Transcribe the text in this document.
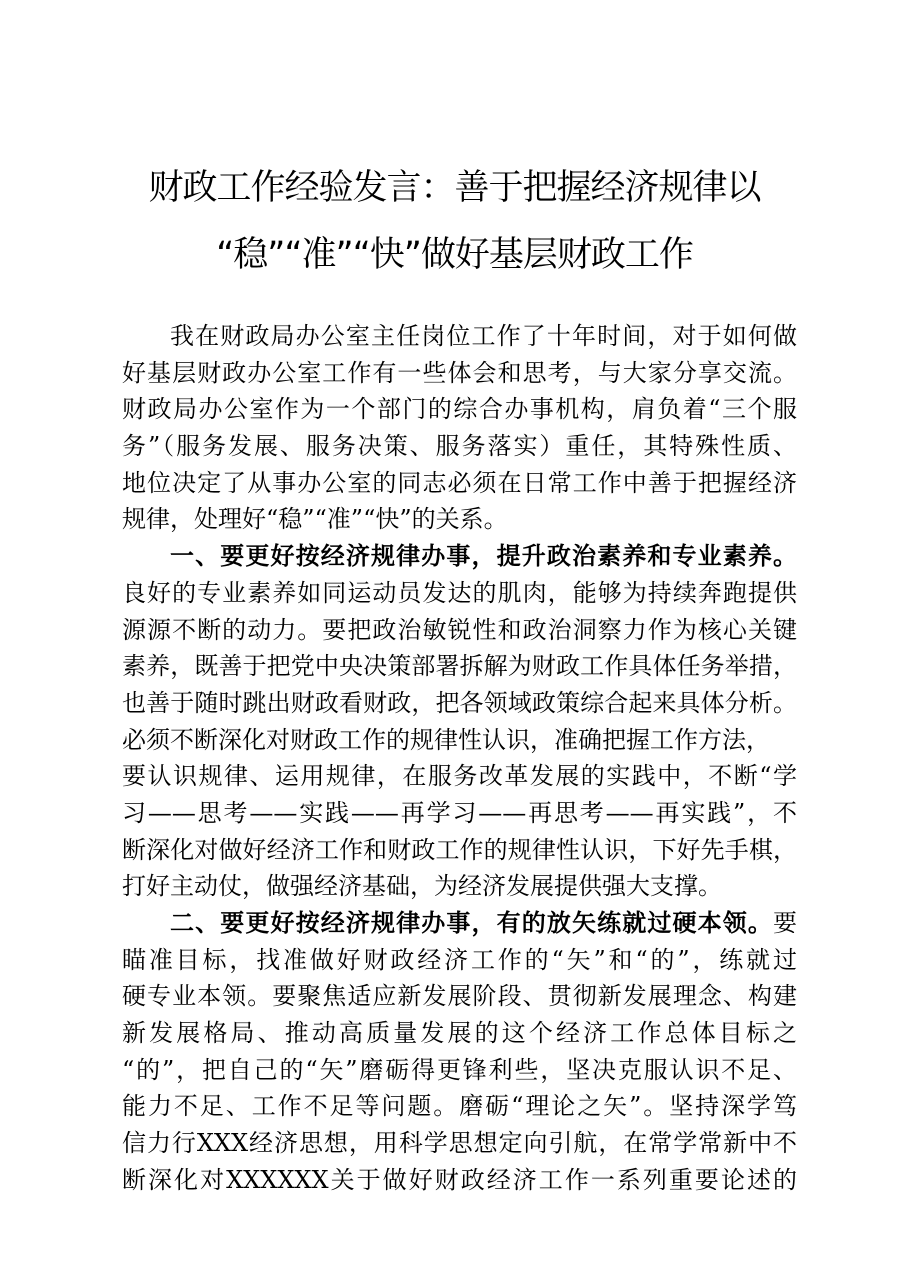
财政工作经验发言：善于把握经济规律以
“稳”“准”“快”做好基层财政工作
我在财政局办公室主任岗位工作了十年时间，对于如何做
好基层财政办公室工作有一些体会和思考，与大家分享交流。
财政局办公室作为一个部门的综合办事机构，肩负着“三个服
务”（服务发展、服务决策、服务落实）重任，其特殊性质、
地位决定了从事办公室的同志必须在日常工作中善于把握经济
规律，处理好“稳”“准”“快”的关系。
一、要更好按经济规律办事，提升政治素养和专业素养。
良好的专业素养如同运动员发达的肌肉，能够为持续奔跑提供
源源不断的动力。要把政治敏锐性和政治洞察力作为核心关键
素养，既善于把党中央决策部署拆解为财政工作具体任务举措，
也善于随时跳出财政看财政，把各领域政策综合起来具体分析。
必须不断深化对财政工作的规律性认识，准确把握工作方法，
要认识规律、运用规律，在服务改革发展的实践中，不断“学
习——思考——实践——再学习——再思考——再实践”，不
断深化对做好经济工作和财政工作的规律性认识，下好先手棋，
打好主动仗，做强经济基础，为经济发展提供强大支撑。
二、要更好按经济规律办事，有的放矢练就过硬本领。要
瞄准目标，找准做好财政经济工作的“矢”和“的”，练就过
硬专业本领。要聚焦适应新发展阶段、贯彻新发展理念、构建
新发展格局、推动高质量发展的这个经济工作总体目标之
“的”，把自己的“矢”磨砺得更锋利些，坚决克服认识不足、
能力不足、工作不足等问题。磨砺“理论之矢”。坚持深学笃
信力行XXX经济思想，用科学思想定向引航，在常学常新中不
断深化对XXXXXX关于做好财政经济工作一系列重要论述的
